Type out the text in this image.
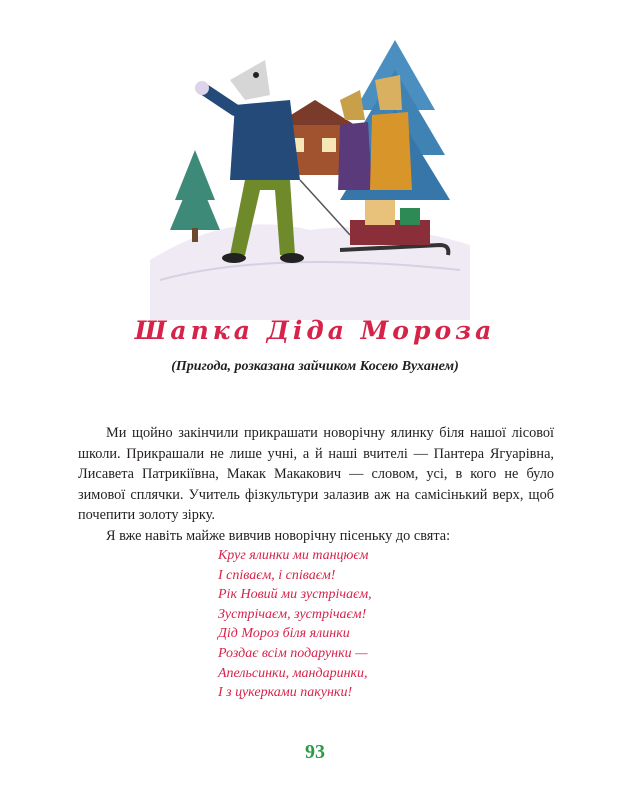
Шапка Діда Мороза
(Пригода, розказана зайчиком Косею Вуханем)

Ми щойно закінчили прикрашати новорічну ялинку біля нашої лісової школи. Прикрашали не лише учні, а й наші вчителі — Пантера Ягуарівна, Лисавета Патрикіївна, Макак Макакович — словом, усі, в кого не було зимової сплячки. Учитель фізкультури залазив аж на самісінький верх, щоб почепити золоту зірку.

Я вже навіть майже вивчив новорічну пісеньку до свята:

Круг ялинки ми танцюєм
І співаєм, і співаєм!
Рік Новий ми зустрічаєм,
Зустрічаєм, зустрічаєм!
Дід Мороз біля ялинки
Роздає всім подарунки —
Апельсинки, мандаринки,
І з цукерками пакунки!
93
